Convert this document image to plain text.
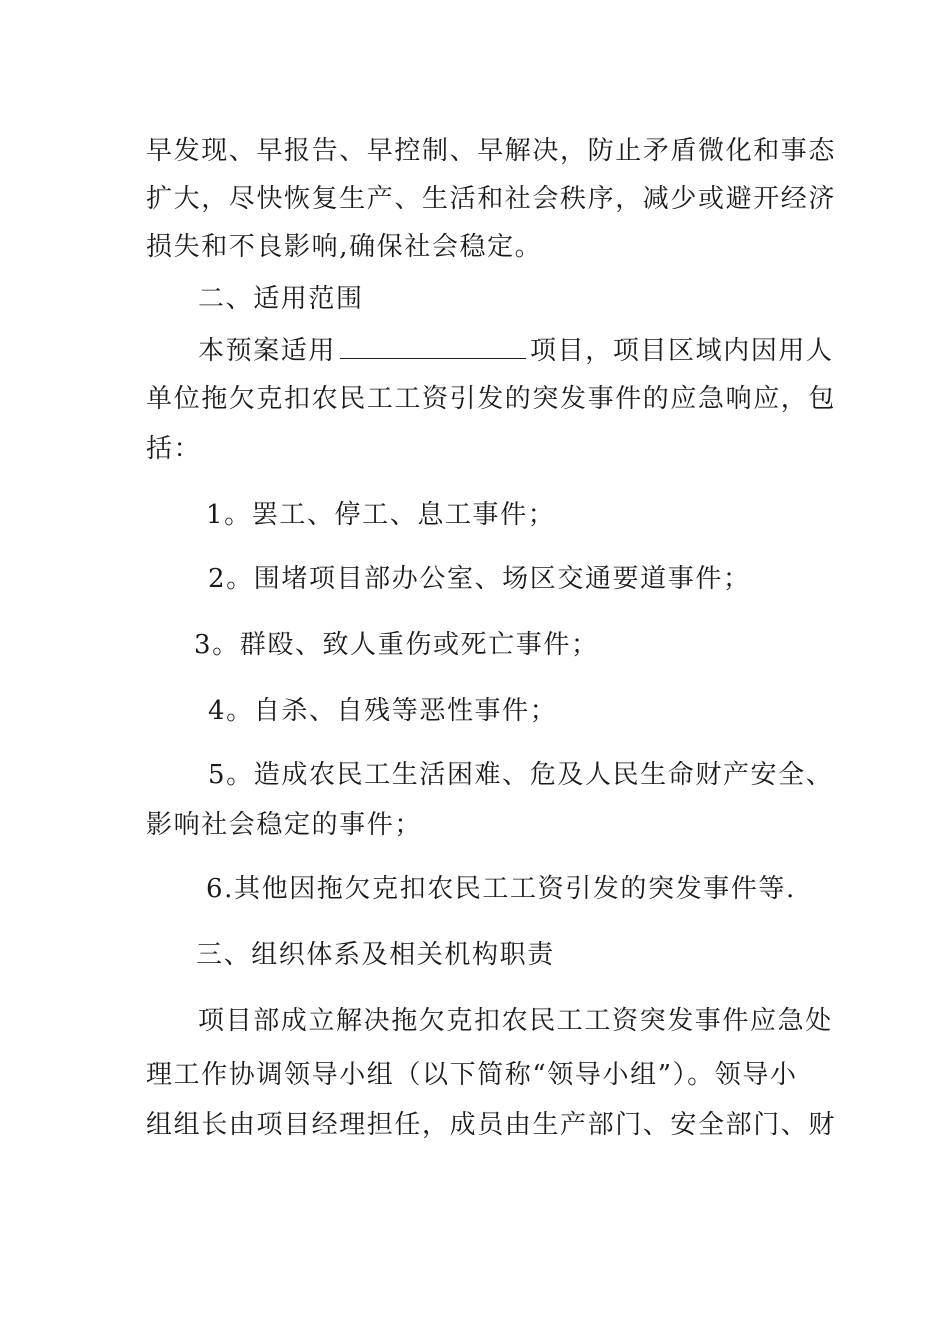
早发现、早报告、早控制、早解决，防止矛盾微化和事态
扩大，尽快恢复生产、生活和社会秩序，减少或避开经济
损失和不良影响,确保社会稳定。
二、适用范围
本预案适用	项目，项目区域内因用人
单位拖欠克扣农民工工资引发的突发事件的应急响应，包
括：
1。罢工、停工、息工事件；
2。围堵项目部办公室、场区交通要道事件；
3。群殴、致人重伤或死亡事件；
4。自杀、自残等恶性事件；
5。造成农民工生活困难、危及人民生命财产安全、
影响社会稳定的事件；
6.其他因拖欠克扣农民工工资引发的突发事件等.
三、组织体系及相关机构职责
项目部成立解决拖欠克扣农民工工资突发事件应急处
理工作协调领导小组（以下简称“领导小组”）。领导小
组组长由项目经理担任，成员由生产部门、安全部门、财
